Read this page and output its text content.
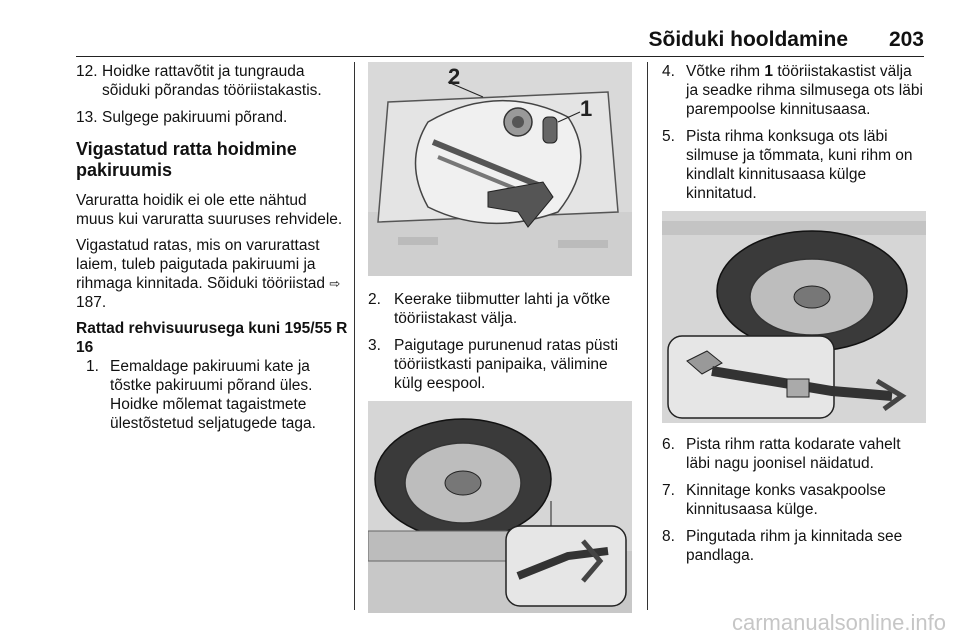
Sõiduki hooldamine 203
12. Hoidke rattavõtit ja tungrauda sõiduki põrandas tööriistakastis.
13. Sulgege pakiruumi põrand.
Vigastatud ratta hoidmine pakiruumis

Varuratta hoidik ei ole ette nähtud muus kui varuratta suuruses rehvidele.

Vigastatud ratas, mis on varurattast laiem, tuleb paigutada pakiruumi ja rihmaga kinnitada. Sõiduki tööriistad ⇨ 187.

Rattad rehvisuurusega kuni 195/55 R 16
1. Eemaldage pakiruumi kate ja tõstke pakiruumi põrand üles. Hoidke mõlemat tagaistmete ülestõstetud seljatugede taga.
2
1
2. Keerake tiibmutter lahti ja võtke tööriistakast välja.
3. Paigutage purunenud ratas püsti tööriistkasti panipaika, välimine külg eespool.
4. Võtke rihm 1 tööriistakastist välja ja seadke rihma silmusega ots läbi parempoolse kinnitusaasa.
5. Pista rihma konksuga ots läbi silmuse ja tõmmata, kuni rihm on kindlalt kinnitusaasa külge kinnitatud.
6. Pista rihm ratta kodarate vahelt läbi nagu joonisel näidatud.
7. Kinnitage konks vasakpoolse kinnitusaasa külge.
8. Pingutada rihm ja kinnitada see pandlaga.
carmanualsonline.info
